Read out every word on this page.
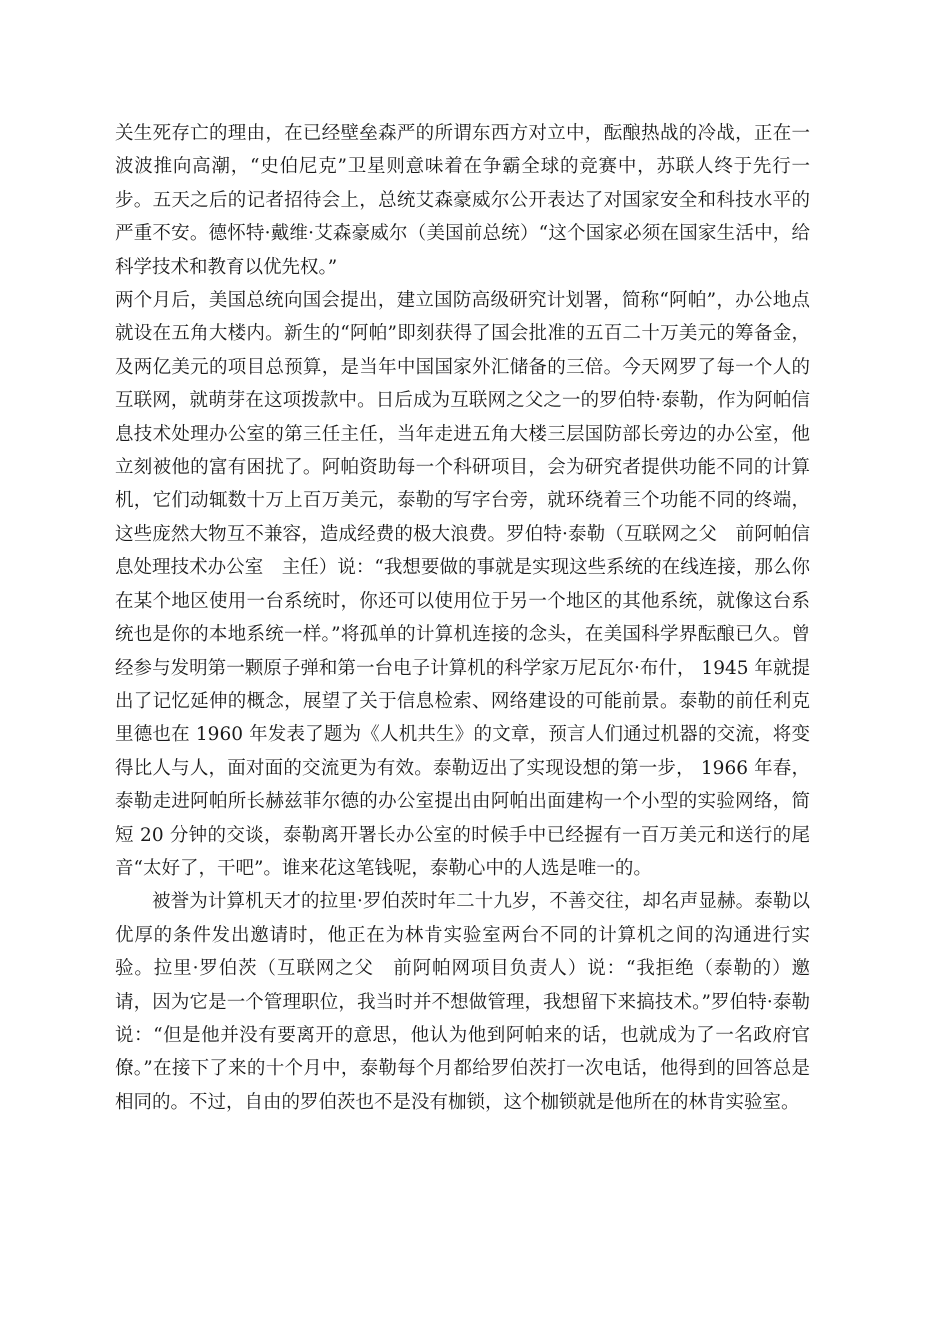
关生死存亡的理由，在已经壁垒森严的所谓东西方对立中，酝酿热战的冷战，正在一波波推向高潮，“史伯尼克”卫星则意味着在争霸全球的竞赛中，苏联人终于先行一步。五天之后的记者招待会上，总统艾森豪威尔公开表达了对国家安全和科技水平的严重不安。德怀特·戴维·艾森豪威尔（美国前总统）“这个国家必须在国家生活中，给科学技术和教育以优先权。”

两个月后，美国总统向国会提出，建立国防高级研究计划署，简称“阿帕”，办公地点就设在五角大楼内。新生的“阿帕”即刻获得了国会批准的五百二十万美元的筹备金，及两亿美元的项目总预算，是当年中国国家外汇储备的三倍。今天网罗了每一个人的互联网，就萌芽在这项拨款中。日后成为互联网之父之一的罗伯特·泰勒，作为阿帕信息技术处理办公室的第三任主任，当年走进五角大楼三层国防部长旁边的办公室，他立刻被他的富有困扰了。阿帕资助每一个科研项目，会为研究者提供功能不同的计算机，它们动辄数十万上百万美元，泰勒的写字台旁，就环绕着三个功能不同的终端，这些庞然大物互不兼容，造成经费的极大浪费。罗伯特·泰勒（互联网之父　前阿帕信息处理技术办公室　主任）说：“我想要做的事就是实现这些系统的在线连接，那么你在某个地区使用一台系统时，你还可以使用位于另一个地区的其他系统，就像这台系统也是你的本地系统一样。”将孤单的计算机连接的念头，在美国科学界酝酿已久。曾经参与发明第一颗原子弹和第一台电子计算机的科学家万尼瓦尔·布什， 1945 年就提出了记忆延伸的概念，展望了关于信息检索、网络建设的可能前景。泰勒的前任利克里德也在 1960 年发表了题为《人机共生》的文章，预言人们通过机器的交流，将变得比人与人，面对面的交流更为有效。泰勒迈出了实现设想的第一步， 1966 年春，泰勒走进阿帕所长赫兹菲尔德的办公室提出由阿帕出面建构一个小型的实验网络，简短 20 分钟的交谈，泰勒离开署长办公室的时候手中已经握有一百万美元和送行的尾音“太好了，干吧”。谁来花这笔钱呢，泰勒心中的人选是唯一的。

被誉为计算机天才的拉里·罗伯茨时年二十九岁，不善交往，却名声显赫。泰勒以优厚的条件发出邀请时，他正在为林肯实验室两台不同的计算机之间的沟通进行实验。拉里·罗伯茨（互联网之父　前阿帕网项目负责人）说：“我拒绝（泰勒的）邀请，因为它是一个管理职位，我当时并不想做管理，我想留下来搞技术。”罗伯特·泰勒说：“但是他并没有要离开的意思，他认为他到阿帕来的话，也就成为了一名政府官僚。”在接下了来的十个月中，泰勒每个月都给罗伯茨打一次电话，他得到的回答总是相同的。不过，自由的罗伯茨也不是没有枷锁，这个枷锁就是他所在的林肯实验室。
